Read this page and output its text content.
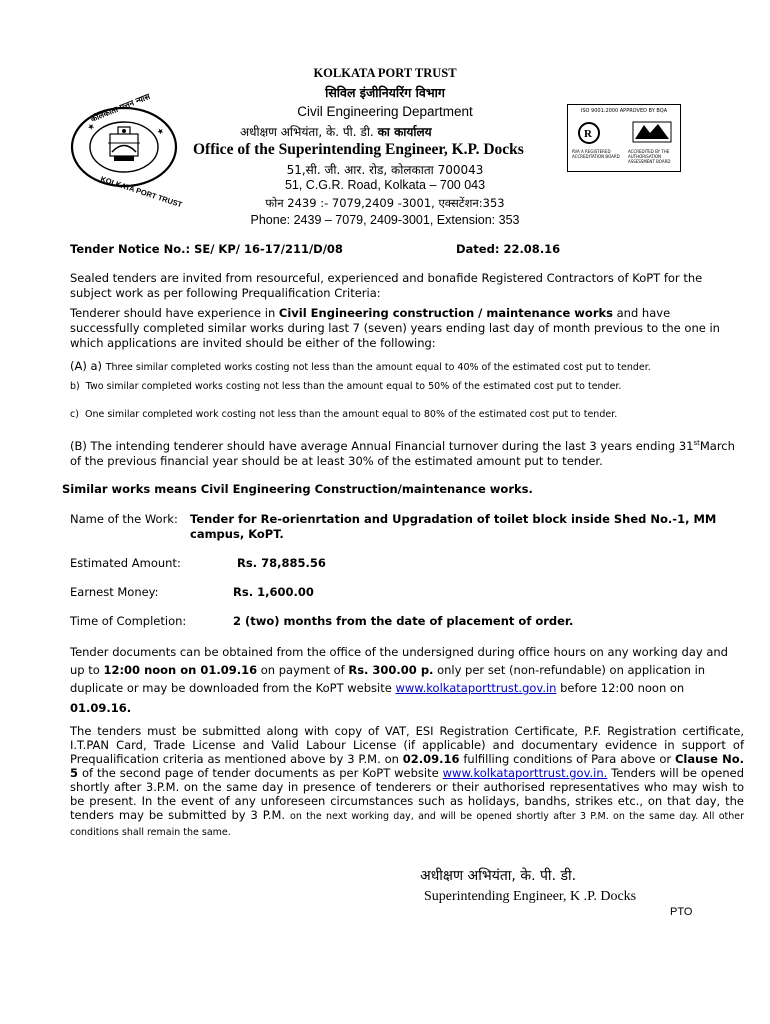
KOLKATA PORT TRUST
सिविल इंजीनियरिंग विभाग
Civil Engineering Department
अधीक्षण अभियंता, के. पी. डी. का कार्यालय
Office of the Superintending Engineer, K.P. Docks
51,सी. जी. आर. रोड, कोलकाता 700043
51, C.G.R. Road, Kolkata – 700 043
फोन 2439 :- 7079,2409 -3001, एक्सटेंशन:353
Phone: 2439 – 7079, 2409-3001, Extension: 353
★	★
KOLKATA PORT TRUST
कोलकाता पत्तन न्यास	ISO 9001:2000 APPROVED BY BQA
R
RVA A REGISTERED ACCREDITATION BOARD
ACCREDITED BY THE AUTHORISATION ASSESSMENT BOARD
Tender Notice No.: SE/ KP/ 16-17/211/D/08	Dated: 22.08.16

Sealed tenders are invited from resourceful, experienced and bonafide Registered Contractors of KoPT for the subject work as per following Prequalification Criteria:

Tenderer should have experience in Civil Engineering construction / maintenance works and have successfully completed similar works during last 7 (seven) years ending last day of month previous to the one in which applications are invited should be either of the following:

(A) a) Three similar completed works costing not less than the amount equal to 40% of the estimated cost put to tender.
b) Two similar completed works costing not less than the amount equal to 50% of the estimated cost put to tender.
c) One similar completed work costing not less than the amount equal to 80% of the estimated cost put to tender.

(B) The intending tenderer should have average Annual Financial turnover during the last 3 years ending 31stMarch of the previous financial year should be at least 30% of the estimated amount put to tender.

Similar works means Civil Engineering Construction/maintenance works.
Name of the Work:	Tender for Re-orienrtation and Upgradation of toilet block inside Shed No.-1, MM campus, KoPT.
Estimated Amount:	Rs. 78,885.56
Earnest Money:	Rs. 1,600.00
Time of Completion:	2 (two) months from the date of placement of order.

Tender documents can be obtained from the office of the undersigned during office hours on any working day and up to 12:00 noon on 01.09.16 on payment of Rs. 300.00 p. only per set (non-refundable) on application in duplicate or may be downloaded from the KoPT website www.kolkataporttrust.gov.in before 12:00 noon on

01.09.16.

The tenders must be submitted along with copy of VAT, ESI Registration Certificate, P.F. Registration certificate, I.T.PAN Card, Trade License and Valid Labour License (if applicable) and documentary evidence in support of Prequalification criteria as mentioned above by 3 P.M. on 02.09.16 fulfilling conditions of Para above or Clause No. 5 of the second page of tender documents as per KoPT website www.kolkataporttrust.gov.in. Tenders will be opened shortly after 3.P.M. on the same day in presence of tenderers or their authorised representatives who may wish to be present. In the event of any unforeseen circumstances such as holidays, bandhs, strikes etc., on that day, the tenders may be submitted by 3 P.M. on the next working day, and will be opened shortly after 3 P.M. on the same day. All other conditions shall remain the same.

अधीक्षण अभियंता, के. पी. डी.
Superintending Engineer, K .P. Docks
PTO
